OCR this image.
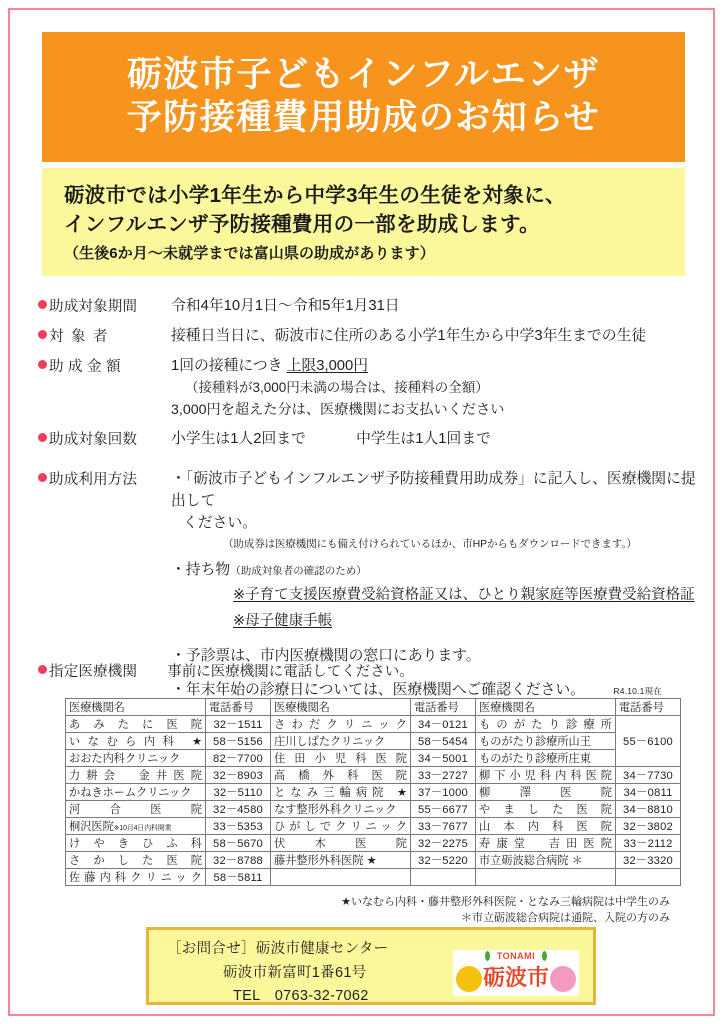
砺波市子どもインフルエンザ
予防接種費用助成のお知らせ
砺波市では小学1年生から中学3年生の生徒を対象に、
インフルエンザ予防接種費用の一部を助成します。
（生後6か月～未就学までは富山県の助成があります）
助成対象期間	令和4年10月1日～令和5年1月31日
対象者	接種日当日に、砺波市に住所のある小学1年生から中学3年生までの生徒
助成金額	1回の接種につき 上限3,000円
（接種料が3,000円未満の場合は、接種料の全額）
3,000円を超えた分は、医療機関にお支払いください
助成対象回数	小学生は1人2回まで	中学生は1人1回まで
助成利用方法	・「砺波市子どもインフルエンザ予防接種費用助成券」に記入し、医療機関に提出して
ください。
（助成券は医療機関にも備え付けられているほか、市HPからもダウンロードできます。）
・持ち物（助成対象者の確認のため）
※子育て支援医療費受給資格証又は、ひとり親家庭等医療費受給資格証
※母子健康手帳
・予診票は、市内医療機関の窓口にあります。
・年末年始の診療日については、医療機関へご確認ください。
指定医療機関 事前に医療機関に電話してください。
R4.10.1現在
医療機関名	電話番号	医療機関名	電話番号	医療機関名	電話番号
あみたに医院	32－1511	さわだクリニック	34－0121	ものがたり診療所	55－6100
いなむら内科 ★	58－5156	庄川しばたクリニック	58－5454	ものがたり診療所山王	
おおた内科クリニック	82－7700	住田小児科医院	34－5001	ものがたり診療所庄東	
力耕会　金井医院	32－8903	高橋外科医院	33－2727	柳下小児科内科医院	34－7730
かねきホームクリニック	32－5110	となみ三輪病院 ★	37－1000	柳澤医院	34－0811
河合医院	32－4580	なす整形外科クリニック	55－6677	やました医院	34－8810
桐沢医院※10月4日内科開業	33－5353	ひがしでクリニック	33－7677	山本内科医院	32－3802
けやきひふ科	58－5670	伏木医院	32－2275	寿康堂　吉田医院	33－2112
さかした医院	32－8788	藤井整形外科医院 ★	32－5220	市立砺波総合病院 ＊	32－3320
佐藤内科クリニック	58－5811				
★いなむら内科・藤井整形外科医院・となみ三輪病院は中学生のみ
＊市立砺波総合病院は通院、入院の方のみ
［お問合せ］砺波市健康センター
砺波市新富町1番61号
TEL　0763-32-7062
TONAMI
砺波市
